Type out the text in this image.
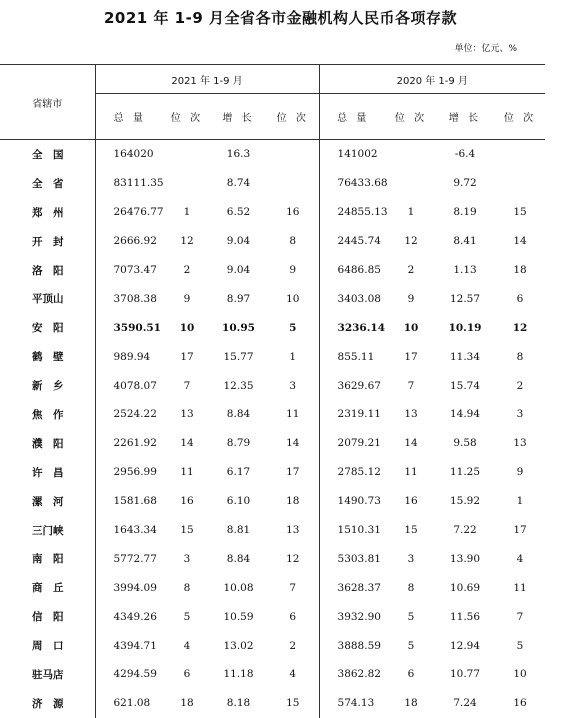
2021 年 1-9 月全省各市金融机构人民币各项存款
单位：亿元、%
省辖市	2021 年 1-9 月				2020 年 1-9 月			
	总 量	位 次	增 长	位 次	总 量	位 次	增 长	位 次
全　国	164020		16.3		141002		-6.4	
全　省	83111.35		8.74		76433.68		9.72	
郑　州	26476.77	1	6.52	16	24855.13	1	8.19	15
开　封	2666.92	12	9.04	8	2445.74	12	8.41	14
洛　阳	7073.47	2	9.04	9	6486.85	2	1.13	18
平顶山	3708.38	9	8.97	10	3403.08	9	12.57	6
安　阳	3590.51	10	10.95	5	3236.14	10	10.19	12
鹤　壁	989.94	17	15.77	1	855.11	17	11.34	8
新　乡	4078.07	7	12.35	3	3629.67	7	15.74	2
焦　作	2524.22	13	8.84	11	2319.11	13	14.94	3
濮　阳	2261.92	14	8.79	14	2079.21	14	9.58	13
许　昌	2956.99	11	6.17	17	2785.12	11	11.25	9
漯　河	1581.68	16	6.10	18	1490.73	16	15.92	1
三门峡	1643.34	15	8.81	13	1510.31	15	7.22	17
南　阳	5772.77	3	8.84	12	5303.81	3	13.90	4
商　丘	3994.09	8	10.08	7	3628.37	8	10.69	11
信　阳	4349.26	5	10.59	6	3932.90	5	11.56	7
周　口	4394.71	4	13.02	2	3888.59	5	12.94	5
驻马店	4294.59	6	11.18	4	3862.82	6	10.77	10
济　源	621.08	18	8.18	15	574.13	18	7.24	16
